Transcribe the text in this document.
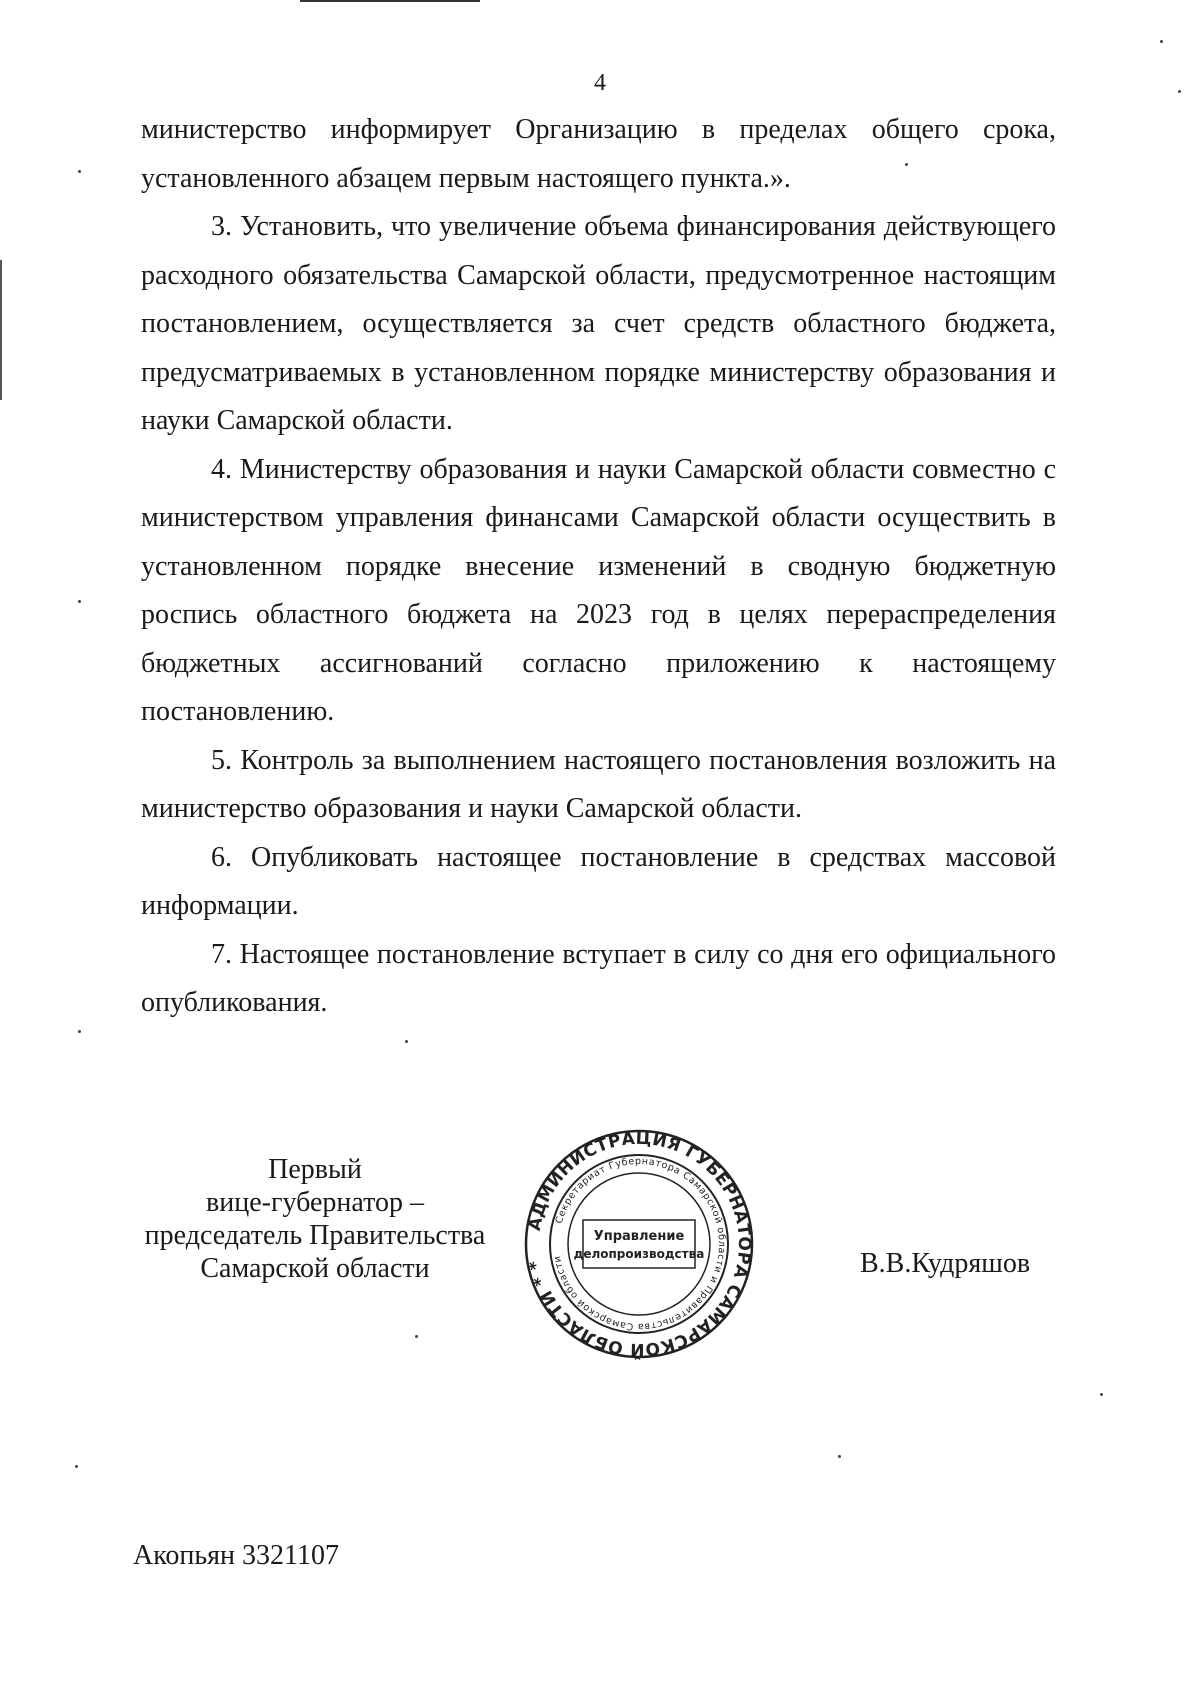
4

министерство информирует Организацию в пределах общего срока, установленного абзацем первым настоящего пункта.».

3. Установить, что увеличение объема финансирования действующего расходного обязательства Самарской области, предусмотренное настоящим постановлением, осуществляется за счет средств областного бюджета, предусматриваемых в установленном порядке министерству образования и науки Самарской области.

4. Министерству образования и науки Самарской области совместно с министерством управления финансами Самарской области осуществить в установленном порядке внесение изменений в сводную бюджетную роспись областного бюджета на 2023 год в целях перераспределения бюджетных ассигнований согласно приложению к настоящему постановлению.

5. Контроль за выполнением настоящего постановления возложить на министерство образования и науки Самарской области.

6. Опубликовать настоящее постановление в средствах массовой информации.

7. Настоящее постановление вступает в силу со дня его официального опубликования.

Первый
вице-губернатор –
председатель Правительства
Самарской области
АДМИНИСТРАЦИЯ ГУБЕРНАТОРА САМАРСКОЙ ОБЛАСТИ * *
Секретариат Губернатора Самарской области и Правительства Самарской области
Управление
делопроизводства	В.В.Кудряшов
Акопьян 3321107
